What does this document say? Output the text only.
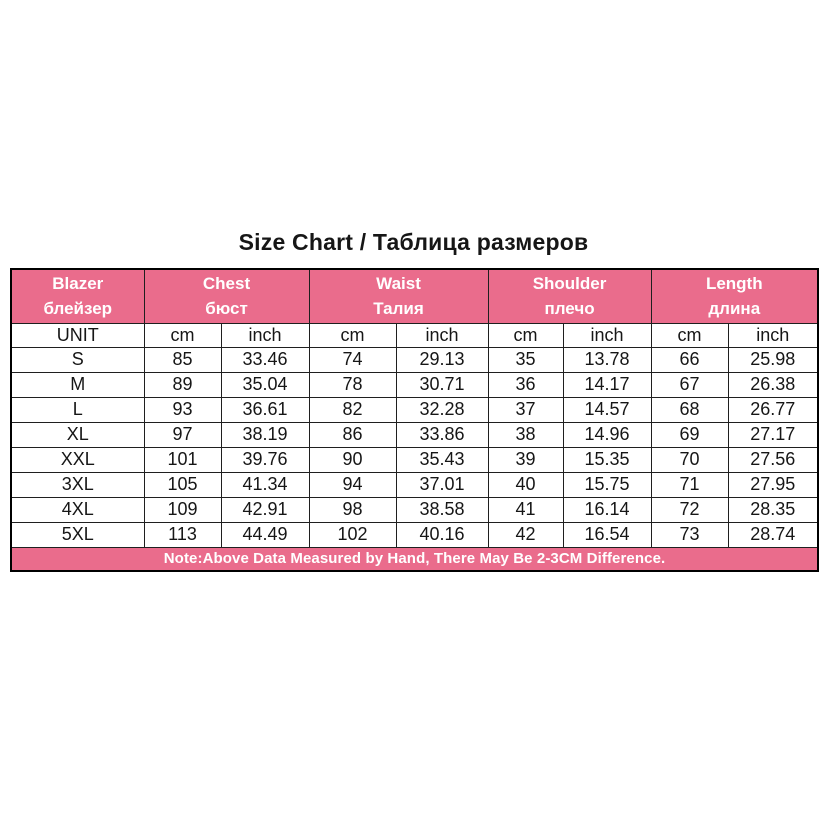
Size Chart / Таблица размеров
Blazer
блейзер

Chest
бюст

Waist
Талия

Shoulder
плечо

Length
длина

UNIT	cm	inch	cm	inch	cm	inch	cm	inch
S	85	33.46	74	29.13	35	13.78	66	25.98
M	89	35.04	78	30.71	36	14.17	67	26.38
L	93	36.61	82	32.28	37	14.57	68	26.77
XL	97	38.19	86	33.86	38	14.96	69	27.17
XXL	101	39.76	90	35.43	39	15.35	70	27.56
3XL	105	41.34	94	37.01	40	15.75	71	27.95
4XL	109	42.91	98	38.58	41	16.14	72	28.35
5XL	113	44.49	102	40.16	42	16.54	73	28.74
Note:Above Data Measured by Hand, There May Be 2-3CM Difference.								
